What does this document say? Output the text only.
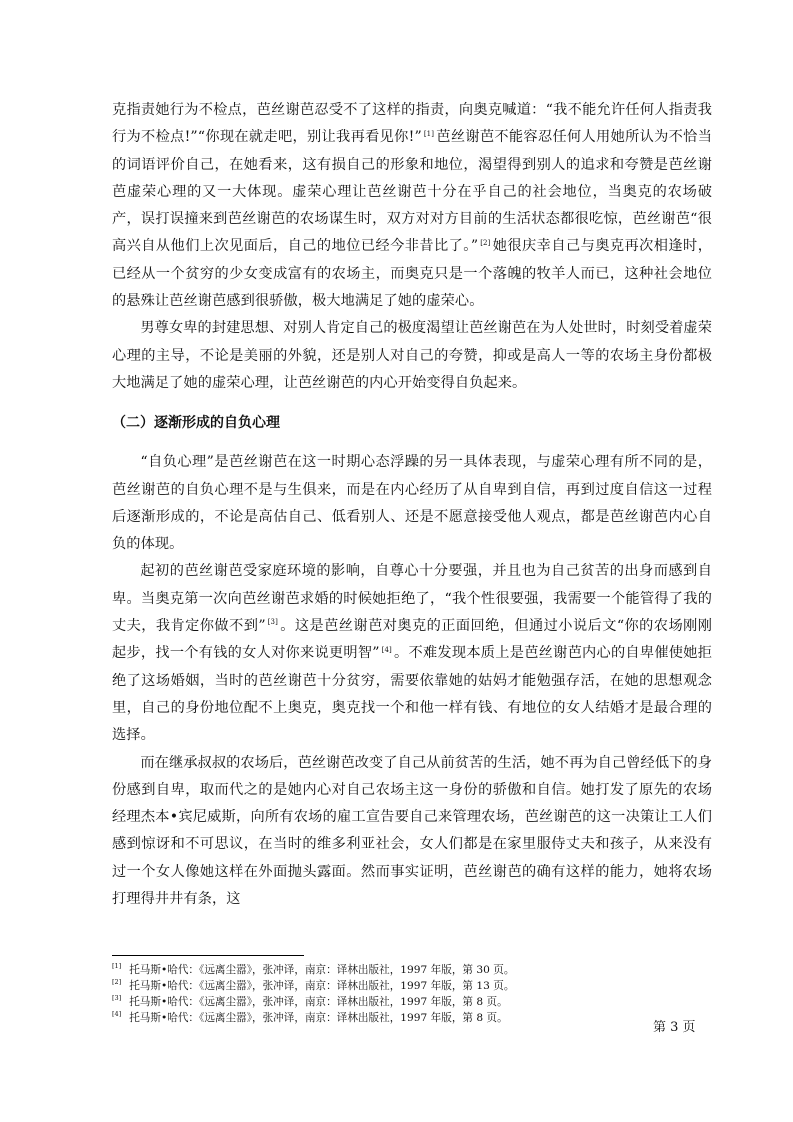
克指责她行为不检点，芭丝谢芭忍受不了这样的指责，向奥克喊道：“我不能允许任何人指责我行为不检点!”“你现在就走吧，别让我再看见你!” [1] 芭丝谢芭不能容忍任何人用她所认为不恰当的词语评价自己，在她看来，这有损自己的形象和地位，渴望得到别人的追求和夸赞是芭丝谢芭虚荣心理的又一大体现。虚荣心理让芭丝谢芭十分在乎自己的社会地位，当奥克的农场破产，误打误撞来到芭丝谢芭的农场谋生时，双方对对方目前的生活状态都很吃惊，芭丝谢芭“很高兴自从他们上次见面后，自己的地位已经今非昔比了。” [2] 她很庆幸自己与奥克再次相逢时，已经从一个贫穷的少女变成富有的农场主，而奥克只是一个落魄的牧羊人而已，这种社会地位的悬殊让芭丝谢芭感到很骄傲，极大地满足了她的虚荣心。

男尊女卑的封建思想、对别人肯定自己的极度渴望让芭丝谢芭在为人处世时，时刻受着虚荣心理的主导，不论是美丽的外貌，还是别人对自己的夸赞，抑或是高人一等的农场主身份都极大地满足了她的虚荣心理，让芭丝谢芭的内心开始变得自负起来。

（二）逐渐形成的自负心理

“自负心理”是芭丝谢芭在这一时期心态浮躁的另一具体表现，与虚荣心理有所不同的是，芭丝谢芭的自负心理不是与生俱来，而是在内心经历了从自卑到自信，再到过度自信这一过程后逐渐形成的，不论是高估自己、低看别人、还是不愿意接受他人观点，都是芭丝谢芭内心自负的体现。

起初的芭丝谢芭受家庭环境的影响，自尊心十分要强，并且也为自己贫苦的出身而感到自卑。当奥克第一次向芭丝谢芭求婚的时候她拒绝了，“我个性很要强，我需要一个能管得了我的丈夫，我肯定你做不到” [3] 。这是芭丝谢芭对奥克的正面回绝，但通过小说后文“你的农场刚刚起步，找一个有钱的女人对你来说更明智” [4] 。不难发现本质上是芭丝谢芭内心的自卑催使她拒绝了这场婚姻，当时的芭丝谢芭十分贫穷，需要依靠她的姑妈才能勉强存活，在她的思想观念里，自己的身份地位配不上奥克，奥克找一个和他一样有钱、有地位的女人结婚才是最合理的选择。

而在继承叔叔的农场后，芭丝谢芭改变了自己从前贫苦的生活，她不再为自己曾经低下的身份感到自卑，取而代之的是她内心对自己农场主这一身份的骄傲和自信。她打发了原先的农场经理杰本•宾尼威斯，向所有农场的雇工宣告要自己来管理农场，芭丝谢芭的这一决策让工人们感到惊讶和不可思议，在当时的维多利亚社会，女人们都是在家里服侍丈夫和孩子，从来没有过一个女人像她这样在外面抛头露面。然而事实证明，芭丝谢芭的确有这样的能力，她将农场打理得井井有条，这

[1] 托马斯•哈代：《远离尘嚣》，张冲译，南京：译林出版社，1997 年版，第 30 页。

[2] 托马斯•哈代：《远离尘嚣》，张冲译，南京：译林出版社，1997 年版，第 13 页。

[3] 托马斯•哈代：《远离尘嚣》，张冲译，南京：译林出版社，1997 年版，第 8 页。

[4] 托马斯•哈代：《远离尘嚣》，张冲译，南京：译林出版社，1997 年版，第 8 页。

第 3 页
